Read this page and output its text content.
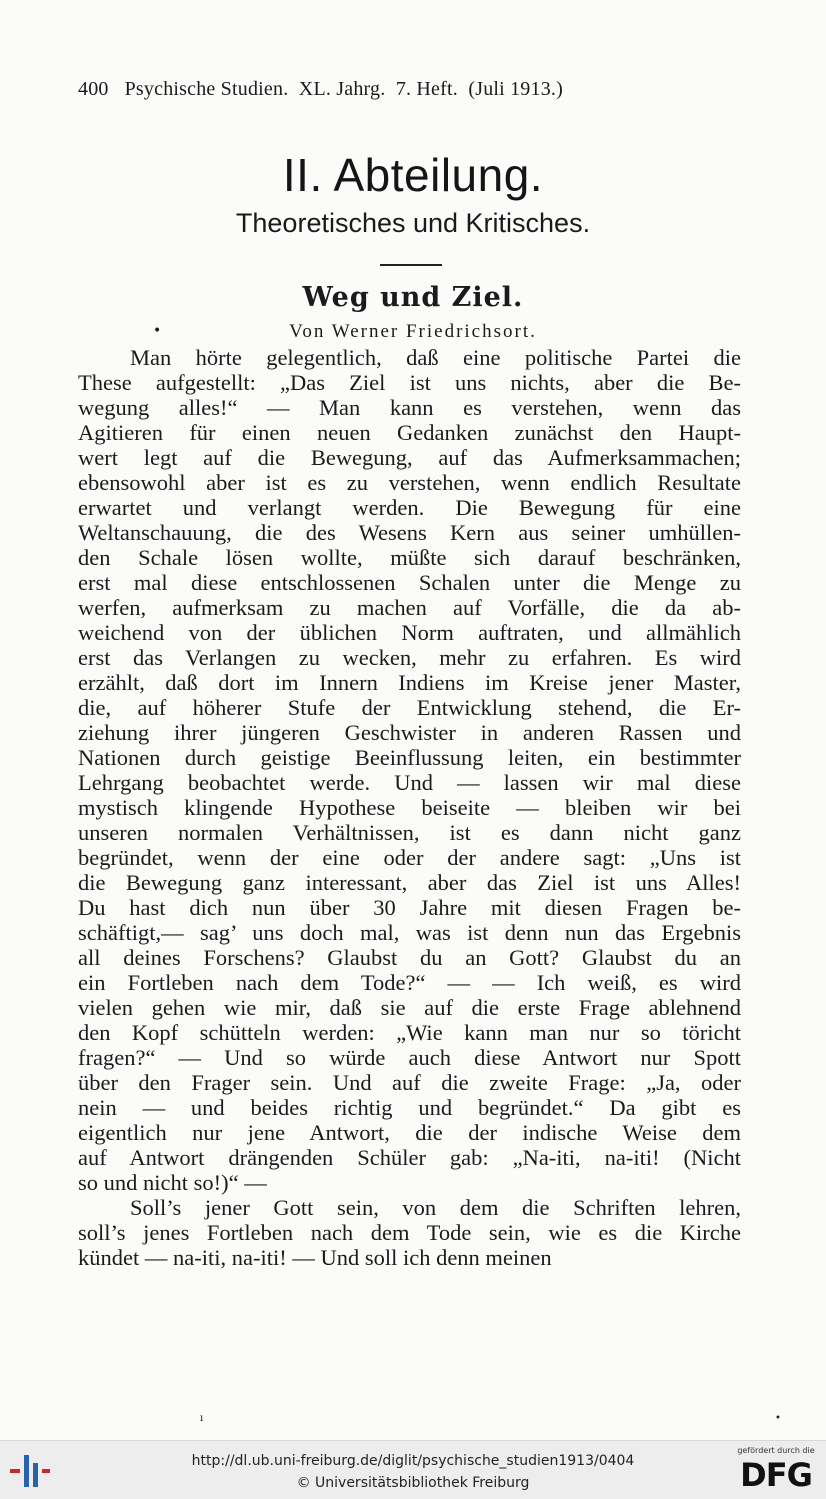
400 Psychische Studien.  XL. Jahrg.  7. Heft.  (Juli 1913.)
II. Abteilung.
Theoretisches und Kritisches.
Weg und Ziel.
•	Von Werner Friedrichsort.
Man hörte gelegentlich, daß eine politische Partei die
These aufgestellt: „Das Ziel ist uns nichts, aber die Be-
wegung alles!“ — Man kann es verstehen, wenn das
Agitieren für einen neuen Gedanken zunächst den Haupt-
wert legt auf die Bewegung, auf das Aufmerksammachen;
ebensowohl aber ist es zu verstehen, wenn endlich Resultate
erwartet und verlangt werden. Die Bewegung für eine
Weltanschauung, die des Wesens Kern aus seiner umhüllen-
den Schale lösen wollte, müßte sich darauf beschränken,
erst mal diese entschlossenen Schalen unter die Menge zu
werfen, aufmerksam zu machen auf Vorfälle, die da ab-
weichend von der üblichen Norm auftraten, und allmählich
erst das Verlangen zu wecken, mehr zu erfahren. Es wird
erzählt, daß dort im Innern Indiens im Kreise jener Master,
die, auf höherer Stufe der Entwicklung stehend, die Er-
ziehung ihrer jüngeren Geschwister in anderen Rassen und
Nationen durch geistige Beeinflussung leiten, ein bestimmter
Lehrgang beobachtet werde. Und — lassen wir mal diese
mystisch klingende Hypothese beiseite — bleiben wir bei
unseren normalen Verhältnissen, ist es dann nicht ganz
begründet, wenn der eine oder der andere sagt: „Uns ist
die Bewegung ganz interessant, aber das Ziel ist uns Alles!
Du hast dich nun über 30 Jahre mit diesen Fragen be-
schäftigt,— sag’ uns doch mal, was ist denn nun das Ergebnis
all deines Forschens? Glaubst du an Gott? Glaubst du an
ein Fortleben nach dem Tode?“ — — Ich weiß, es wird
vielen gehen wie mir, daß sie auf die erste Frage ablehnend
den Kopf schütteln werden: „Wie kann man nur so töricht
fragen?“ — Und so würde auch diese Antwort nur Spott
über den Frager sein. Und auf die zweite Frage: „Ja, oder
nein — und beides richtig und begründet.“ Da gibt es
eigentlich nur jene Antwort, die der indische Weise dem
auf Antwort drängenden Schüler gab: „Na-iti, na-iti! (Nicht
so und nicht so!)“ —
Soll’s jener Gott sein, von dem die Schriften lehren,
soll’s jenes Fortleben nach dem Tode sein, wie es die Kirche
kündet — na-iti, na-iti! — Und soll ich denn meinen
ı	•
http://dl.ub.uni-freiburg.de/diglit/psychische_studien1913/0404
© Universitätsbibliothek Freiburg
gefördert durch die
DFG
